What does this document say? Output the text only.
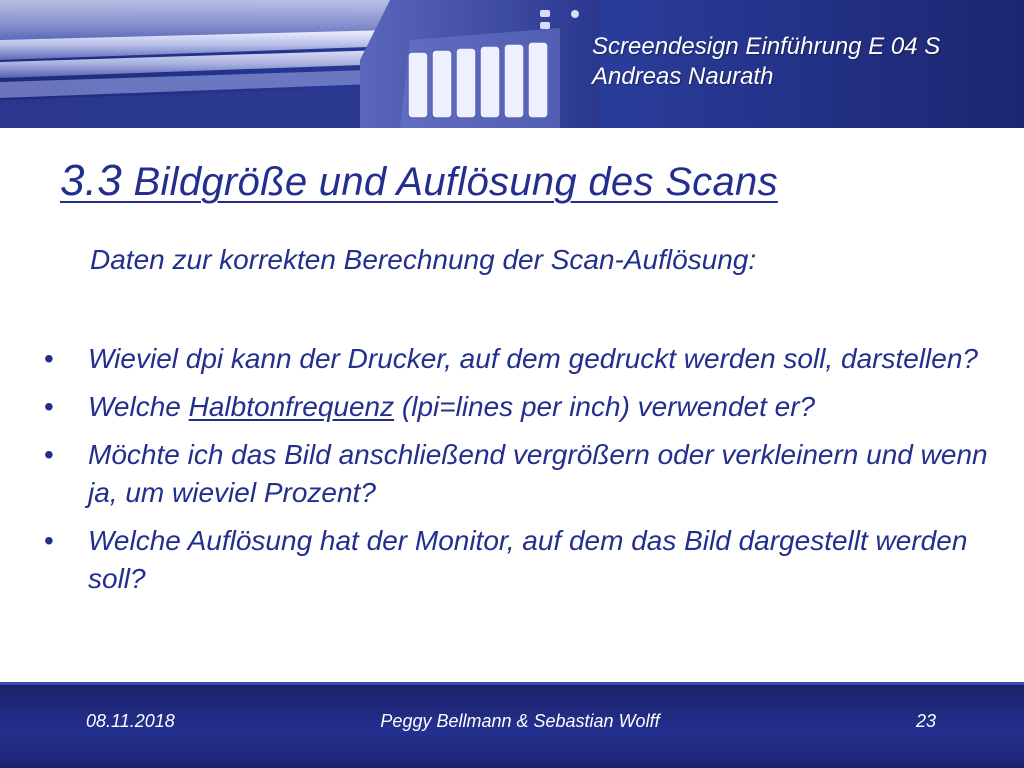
Screendesign Einführung E 04 S
Andreas Naurath
3.3 Bildgröße und Auflösung des Scans

Daten zur korrekten Berechnung der Scan-Auflösung:

• Wieviel dpi kann der Drucker, auf dem gedruckt werden soll, darstellen?
• Welche Halbtonfrequenz (lpi=lines per inch) verwendet er?
• Möchte ich das Bild anschließend vergrößern oder verkleinern und wenn ja, um wieviel Prozent?
• Welche Auflösung hat der Monitor, auf dem das Bild dargestellt werden soll?
08.11.2018	Peggy Bellmann & Sebastian Wolff	23
